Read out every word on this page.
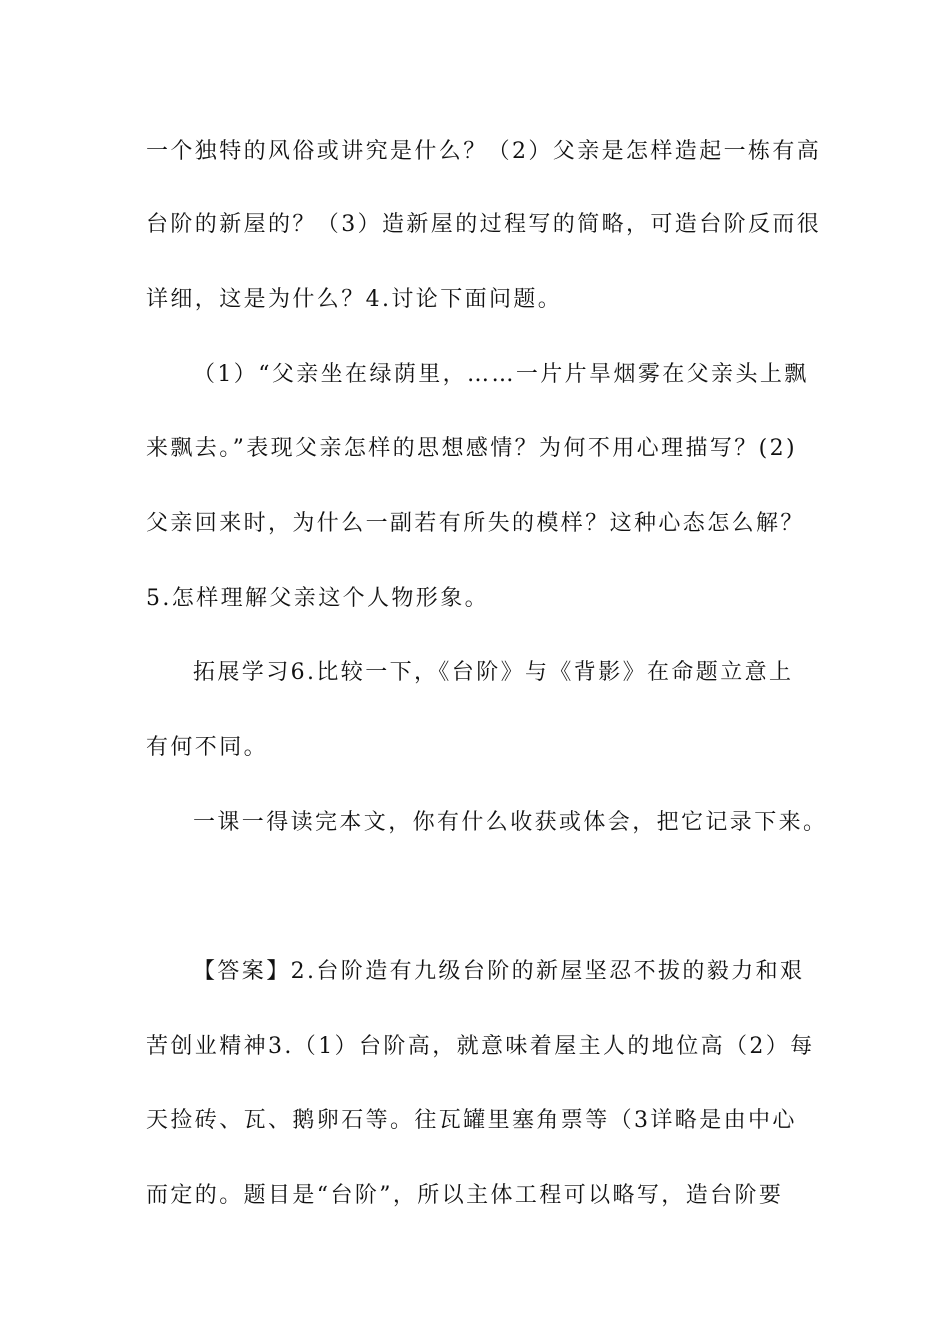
一个独特的风俗或讲究是什么？（2）父亲是怎样造起一栋有高
台阶的新屋的？（3）造新屋的过程写的简略，可造台阶反而很
详细，这是为什么？4.讨论下面问题。
（1）“父亲坐在绿荫里，……一片片旱烟雾在父亲头上飘
来飘去。”表现父亲怎样的思想感情？为何不用心理描写？(2)
父亲回来时，为什么一副若有所失的模样？这种心态怎么解？
5.怎样理解父亲这个人物形象。
拓展学习6.比较一下，《台阶》与《背影》在命题立意上
有何不同。
一课一得读完本文，你有什么收获或体会，把它记录下来。
【答案】2.台阶造有九级台阶的新屋坚忍不拔的毅力和艰
苦创业精神3.（1）台阶高，就意味着屋主人的地位高（2）每
天捡砖、瓦、鹅卵石等。往瓦罐里塞角票等（3详略是由中心
而定的。题目是“台阶”，所以主体工程可以略写，造台阶要
